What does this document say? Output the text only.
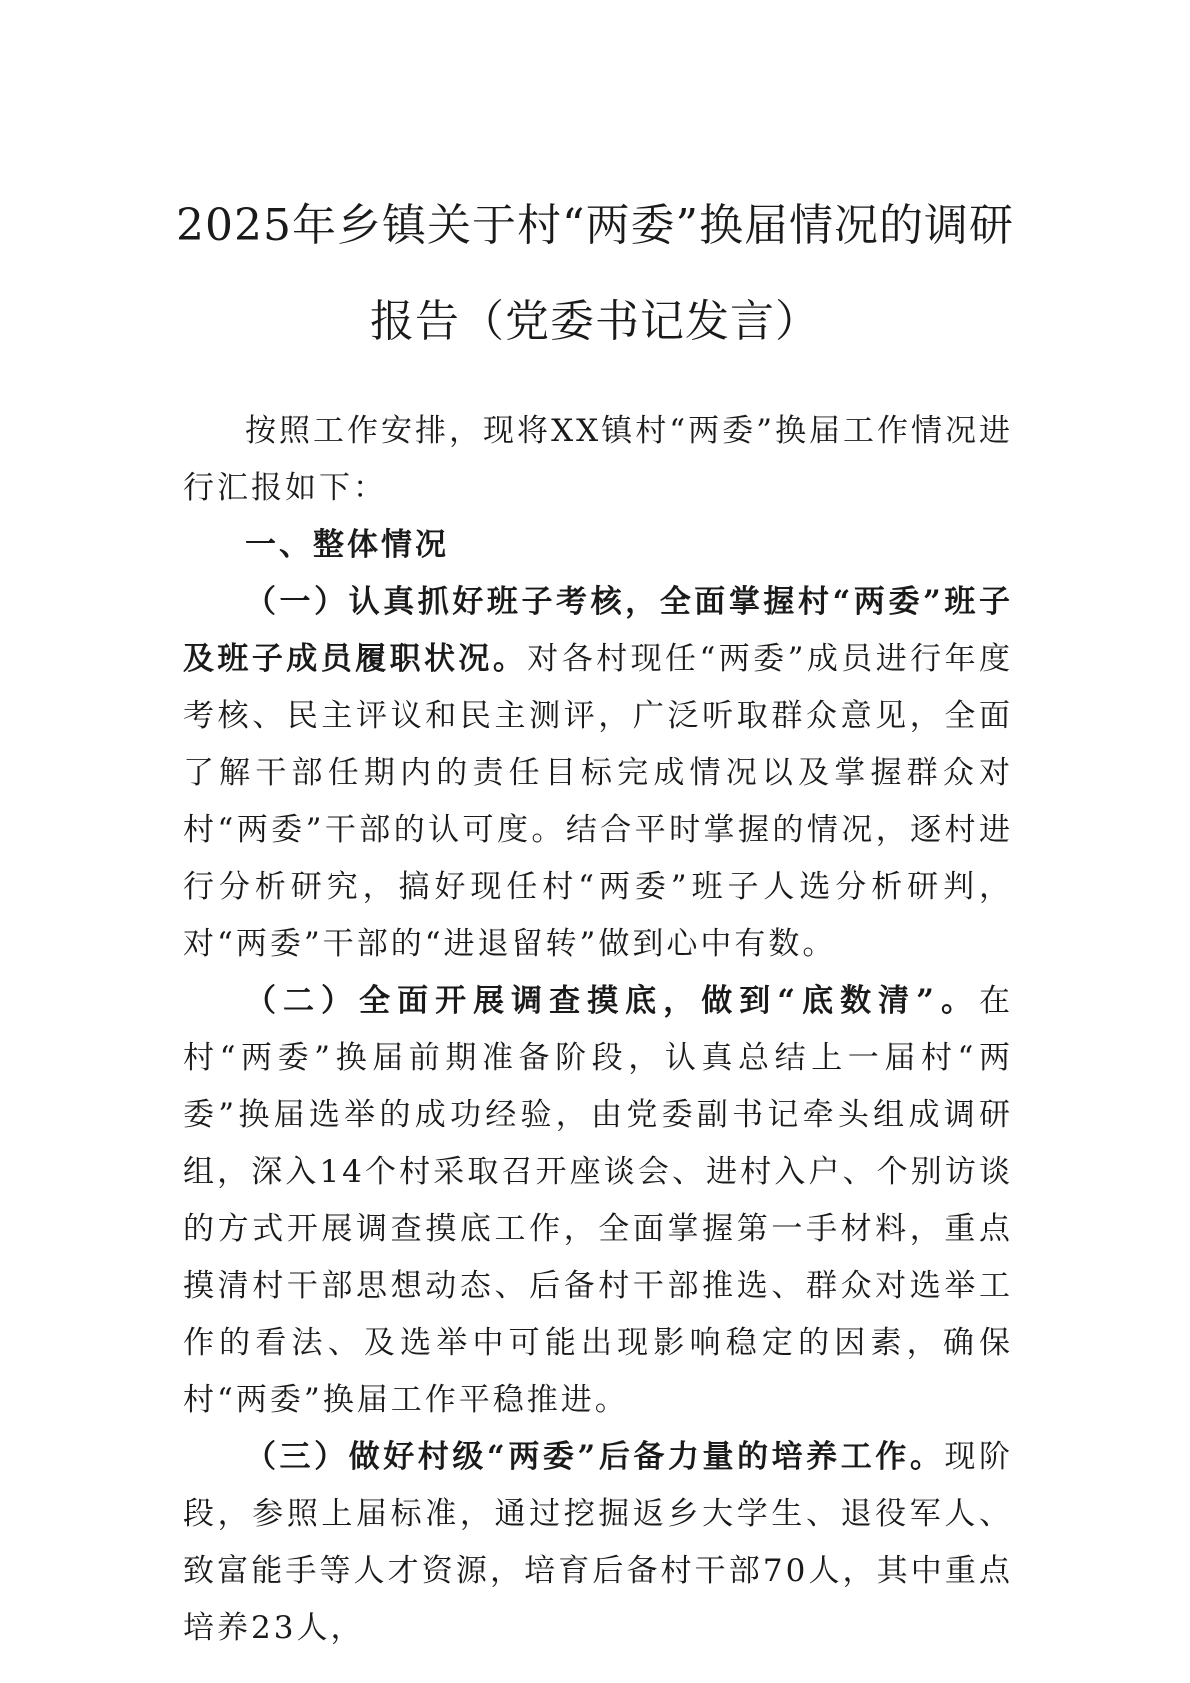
2025年乡镇关于村“两委”换届情况的调研
报告（党委书记发言）

按照工作安排，现将XX镇村“两委”换届工作情况进行汇报如下：

一、整体情况

（一）认真抓好班子考核，全面掌握村“两委”班子及班子成员履职状况。对各村现任“两委”成员进行年度考核、民主评议和民主测评，广泛听取群众意见，全面了解干部任期内的责任目标完成情况以及掌握群众对村“两委”干部的认可度。结合平时掌握的情况，逐村进行分析研究，搞好现任村“两委”班子人选分析研判，对“两委”干部的“进退留转”做到心中有数。

（二）全面开展调查摸底，做到“底数清”。在村“两委”换届前期准备阶段，认真总结上一届村“两委”换届选举的成功经验，由党委副书记牵头组成调研组，深入14个村采取召开座谈会、进村入户、个别访谈的方式开展调查摸底工作，全面掌握第一手材料，重点摸清村干部思想动态、后备村干部推选、群众对选举工作的看法、及选举中可能出现影响稳定的因素，确保村“两委”换届工作平稳推进。

（三）做好村级“两委”后备力量的培养工作。现阶段，参照上届标准，通过挖掘返乡大学生、退役军人、致富能手等人才资源，培育后备村干部70人，其中重点培养23人，
